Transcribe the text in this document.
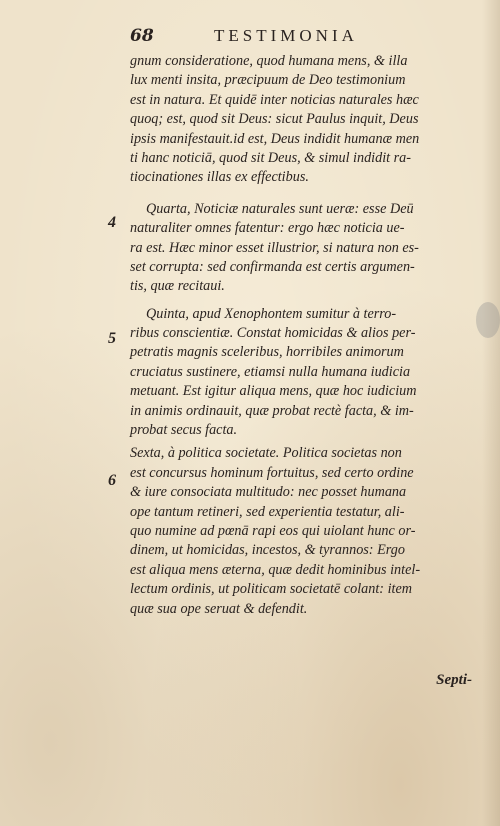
68	TESTIMONIA
4
5
6
gnum consideratione, quod humana mens, & illa
lux menti insita, præcipuum de Deo testimonium
est in natura. Et quidē inter noticias naturales hæc
quoq; est, quod sit Deus: sicut Paulus inquit, Deus
ipsis manifestauit.id est, Deus indidit humanæ men
ti hanc noticiā, quod sit Deus, & simul indidit ra-
tiocinationes illas ex effectibus.
Quarta, Noticiæ naturales sunt ueræ: esse Deū
naturaliter omnes fatentur: ergo hæc noticia ue-
ra est. Hæc minor esset illustrior, si natura non es-
set corrupta: sed confirmanda est certis argumen-
tis, quæ recitaui.
Quinta, apud Xenophontem sumitur à terro-
ribus conscientiæ. Constat homicidas & alios per-
petratis magnis sceleribus, horribiles animorum
cruciatus sustinere, etiamsi nulla humana iudicia
metuant. Est igitur aliqua mens, quæ hoc iudicium
in animis ordinauit, quæ probat rectè facta, & im-
probat secus facta.
Sexta, à politica societate. Politica societas non
est concursus hominum fortuitus, sed certo ordine
& iure consociata multitudo: nec posset humana
ope tantum retineri, sed experientia testatur, ali-
quo numine ad pœnā rapi eos qui uiolant hunc or-
dinem, ut homicidas, incestos, & tyrannos: Ergo
est aliqua mens æterna, quæ dedit hominibus intel-
lectum ordinis, ut politicam societatē colant: item
quæ sua ope seruat & defendit.
Septi-
